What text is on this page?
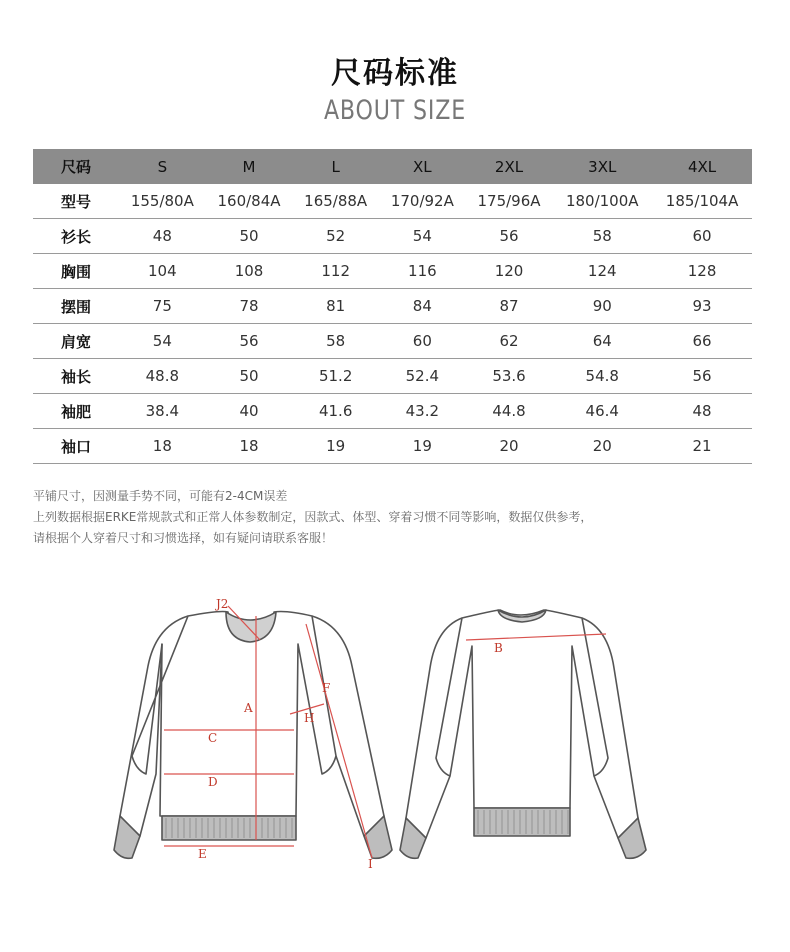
尺码标准
ABOUT SIZE
尺码	S	M	L	XL	2XL	3XL	4XL
型号	155/80A	160/84A	165/88A	170/92A	175/96A	180/100A	185/104A
衫长	48	50	52	54	56	58	60
胸围	104	108	112	116	120	124	128
摆围	75	78	81	84	87	90	93
肩宽	54	56	58	60	62	64	66
袖长	48.8	50	51.2	52.4	53.6	54.8	56
袖肥	38.4	40	41.6	43.2	44.8	46.4	48
袖口	18	18	19	19	20	20	21
平铺尺寸，因测量手势不同，可能有2-4CM误差
上列数据根据ERKE常规款式和正常人体参数制定，因款式、体型、穿着习惯不同等影响，数据仅供参考，
请根据个人穿着尺寸和习惯选择，如有疑问请联系客服！
A
B
C
D
E
F
H
I
J2
